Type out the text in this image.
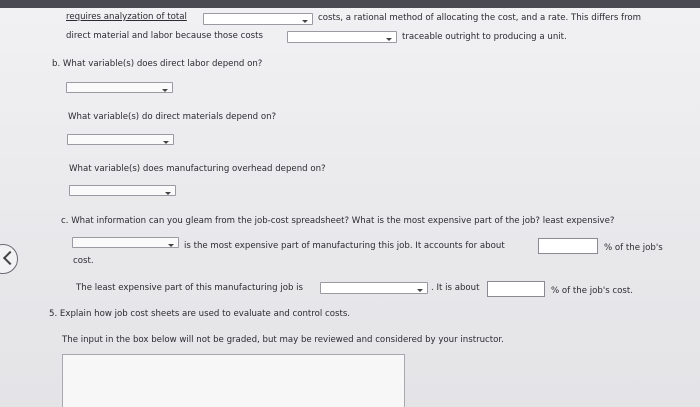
requires analyzation of total	costs, a rational method of allocating the cost, and a rate. This differs from
direct material and labor because those costs	traceable outright to producing a unit.
b. What variable(s) does direct labor depend on?
What variable(s) do direct materials depend on?
What variable(s) does manufacturing overhead depend on?
c. What information can you gleam from the job-cost spreadsheet? What is the most expensive part of the job? least expensive?
is the most expensive part of manufacturing this job. It accounts for about	% of the job's
cost.
The least expensive part of this manufacturing job is	. It is about	% of the job's cost.
5. Explain how job cost sheets are used to evaluate and control costs.
The input in the box below will not be graded, but may be reviewed and considered by your instructor.
